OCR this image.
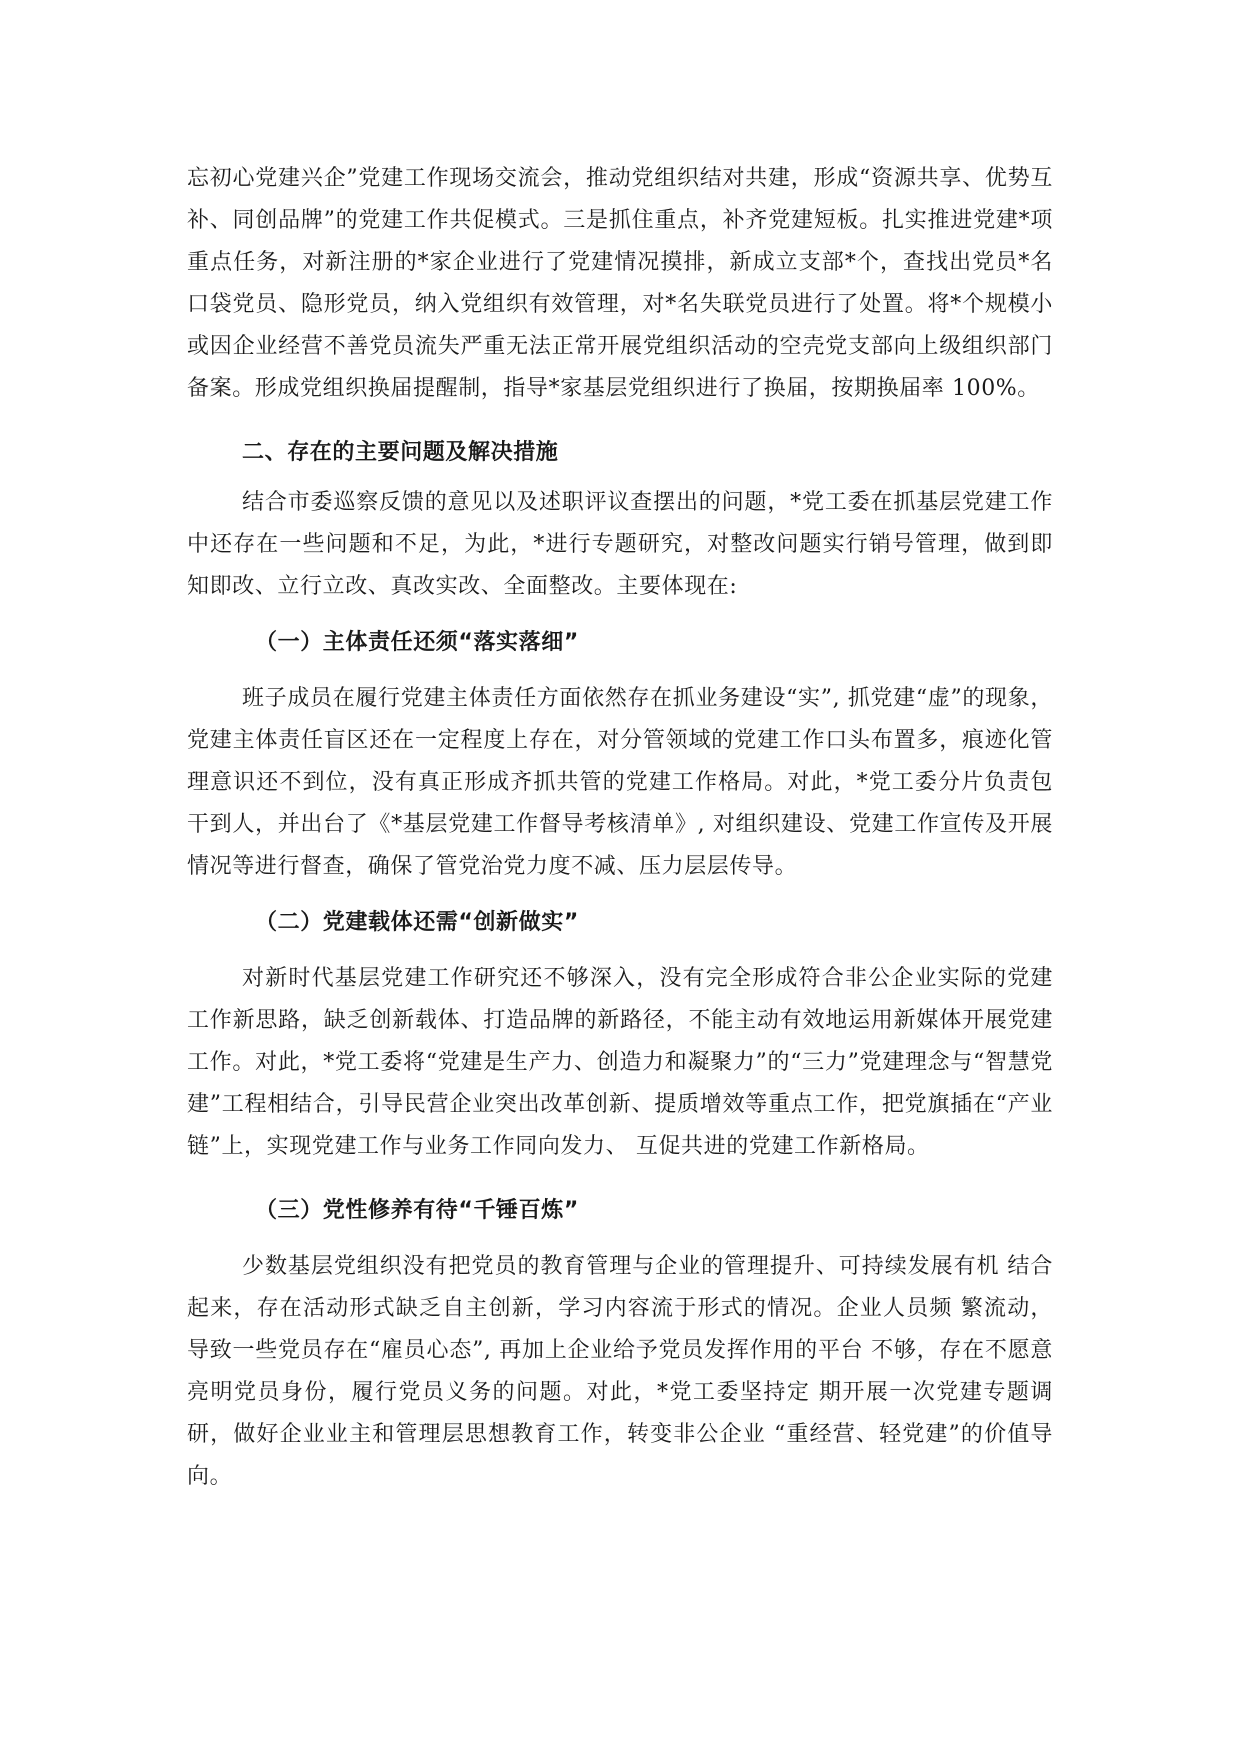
忘初心党建兴企”党建工作现场交流会，推动党组织结对共建，形成“资源共享、优势互补、同创品牌”的党建工作共促模式。三是抓住重点，补齐党建短板。扎实推进党建*项重点任务，对新注册的*家企业进行了党建情况摸排，新成立支部*个，查找出党员*名口袋党员、隐形党员，纳入党组织有效管理，对*名失联党员进行了处置。将*个规模小或因企业经营不善党员流失严重无法正常开展党组织活动的空壳党支部向上级组织部门备案。形成党组织换届提醒制，指导*家基层党组织进行了换届，按期换届率 100%。

二、存在的主要问题及解决措施

结合市委巡察反馈的意见以及述职评议查摆出的问题，*党工委在抓基层党建工作中还存在一些问题和不足，为此，*进行专题研究，对整改问题实行销号管理，做到即知即改、立行立改、真改实改、全面整改。主要体现在:

（一）主体责任还须“落实落细”

班子成员在履行党建主体责任方面依然存在抓业务建设“实”, 抓党建“虚”的现象，党建主体责任盲区还在一定程度上存在，对分管领域的党建工作口头布置多，痕迹化管理意识还不到位，没有真正形成齐抓共管的党建工作格局。对此，*党工委分片负责包干到人，并出台了《*基层党建工作督导考核清单》, 对组织建设、党建工作宣传及开展情况等进行督查，确保了管党治党力度不减、压力层层传导。

（二）党建载体还需“创新做实”

对新时代基层党建工作研究还不够深入，没有完全形成符合非公企业实际的党建工作新思路，缺乏创新载体、打造品牌的新路径，不能主动有效地运用新媒体开展党建工作。对此，*党工委将“党建是生产力、创造力和凝聚力”的“三力”党建理念与“智慧党建”工程相结合，引导民营企业突出改革创新、提质增效等重点工作，把党旗插在“产业链”上，实现党建工作与业务工作同向发力、 互促共进的党建工作新格局。

（三）党性修养有待“千锤百炼”

少数基层党组织没有把党员的教育管理与企业的管理提升、可持续发展有机 结合起来，存在活动形式缺乏自主创新，学习内容流于形式的情况。企业人员频 繁流动，导致一些党员存在“雇员心态”, 再加上企业给予党员发挥作用的平台 不够，存在不愿意亮明党员身份，履行党员义务的问题。对此，*党工委坚持定 期开展一次党建专题调研，做好企业业主和管理层思想教育工作，转变非公企业 “重经营、轻党建”的价值导向。
